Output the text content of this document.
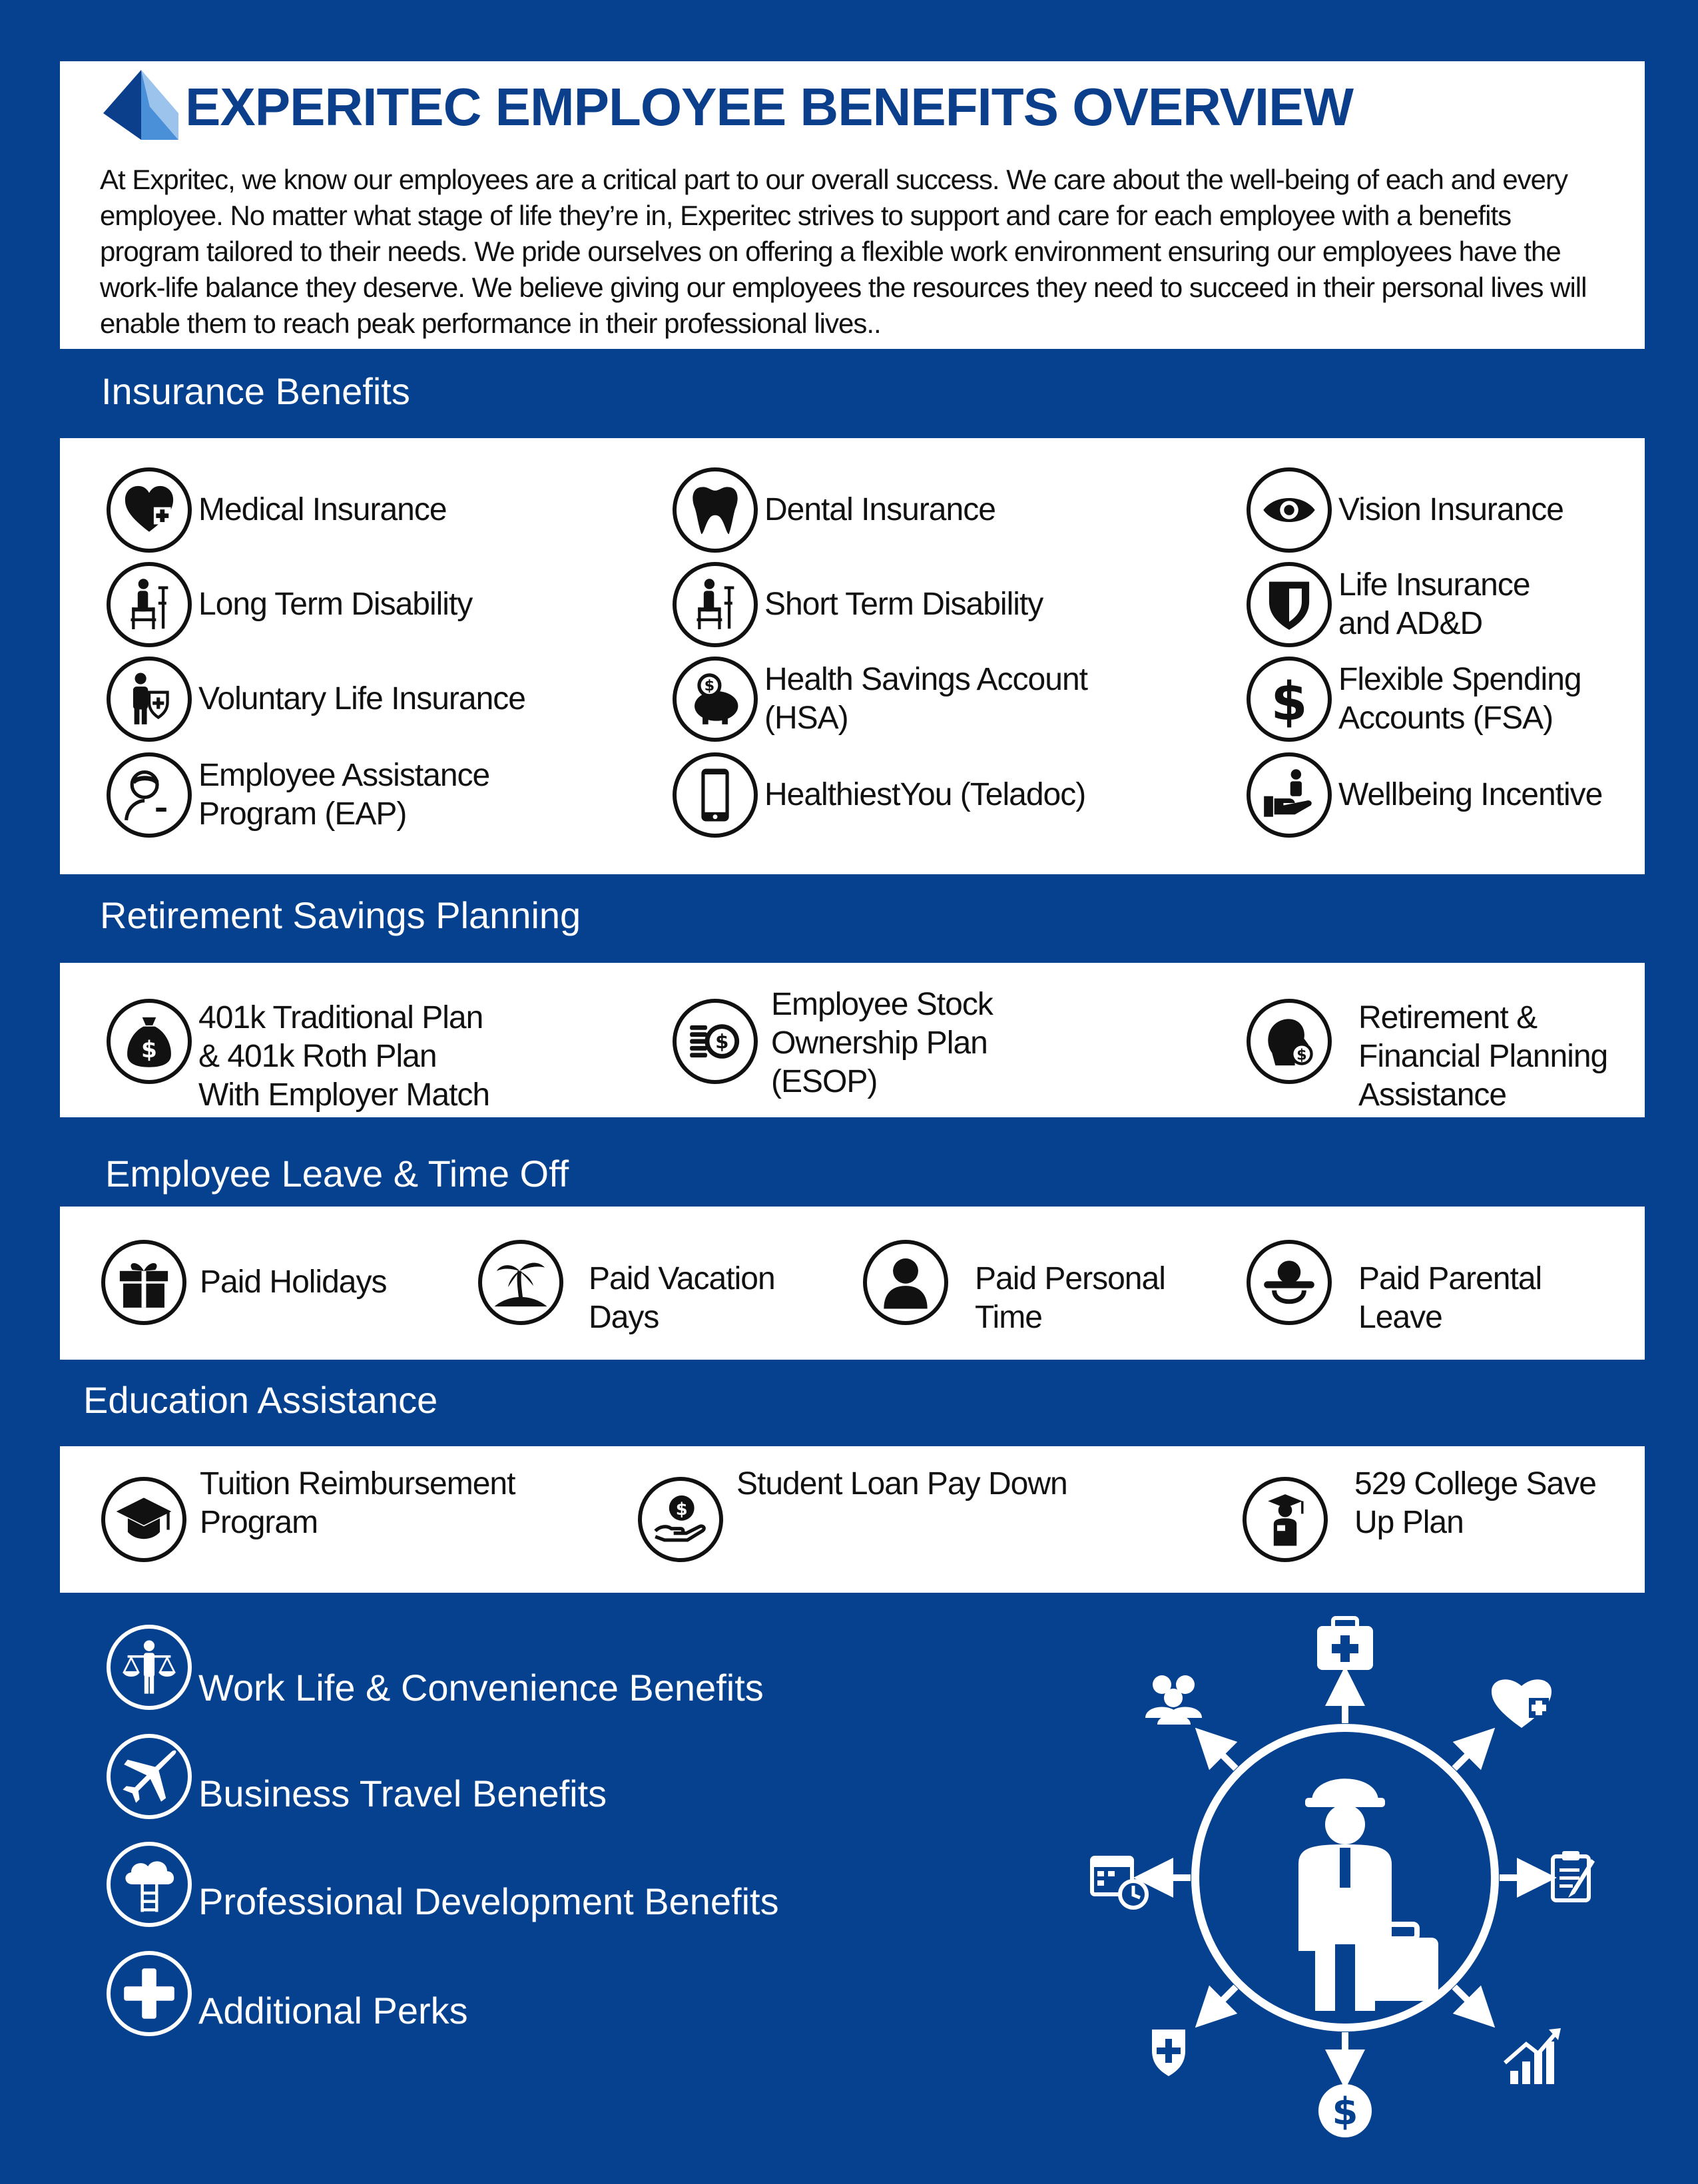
EXPERITEC EMPLOYEE BENEFITS OVERVIEW
At Expritec, we know our employees are a critical part to our overall success. We care about the well-being of each and every employee. No matter what stage of life they’re in, Experitec strives to support and care for each employee with a benefits program tailored to their needs. We pride ourselves on offering a flexible work environment ensuring our employees have the work-life balance they deserve. We believe giving our employees the resources they need to succeed in their personal lives will enable them to reach peak performance in their professional lives..
Insurance Benefits
Medical Insurance	Dental Insurance	Vision Insurance
Long Term Disability	Short Term Disability
Life Insurance
and AD&D
Voluntary Life Insurance	$ Health Savings Account
(HSA)	$ Flexible Spending
Accounts (FSA)
Employee Assistance
Program (EAP)
HealthiestYou (Teladoc)	Wellbeing Incentive
Retirement Savings Planning
$
401k Traditional Plan
& 401k Roth Plan
With Employer Match
$
Employee Stock
Ownership Plan
(ESOP)
$
Retirement &
Financial Planning
Assistance
Employee Leave & Time Off
Paid Holidays	Paid Vacation
Days
Paid Personal
Time
Paid Parental
Leave
Education Assistance
Tuition Reimbursement
Program	$
Student Loan Pay Down	529 College Save
Up Plan
Work Life & Convenience Benefits
Business Travel Benefits
Professional Development Benefits
Additional Perks
$
